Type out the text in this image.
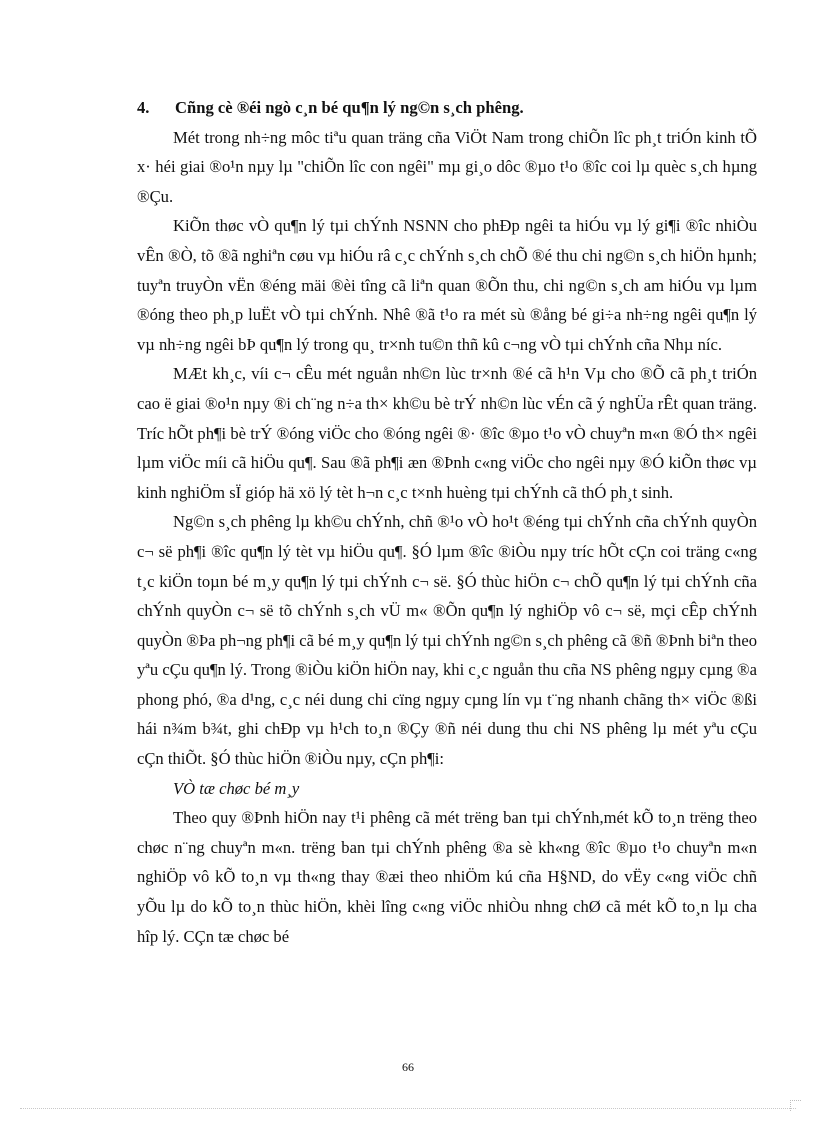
4. Cñng cè ®éi ngò c¸n bé qu¶n lý ng©n s¸ch phêng.

Mét trong nh÷ng môc tiªu quan träng cña ViÖt Nam trong chiÕn lîc ph¸t triÓn kinh tÕ x· héi giai ®o¹n nµy lµ "chiÕn lîc con ngêi" mµ gi¸o dôc ®µo t¹o ®îc coi lµ quèc s¸ch hµng ®Çu.

KiÕn thøc vÒ qu¶n lý tµi chÝnh NSNN cho phÐp ngêi ta hiÓu vµ lý gi¶i ®îc nhiÒu vÊn ®Ò, tõ ®ã nghiªn cøu vµ hiÓu râ c¸c chÝnh s¸ch chÕ ®é thu chi ng©n s¸ch hiÖn hµnh; tuyªn truyÒn vËn ®éng mäi ®èi tîng cã liªn quan ®Õn thu, chi ng©n s¸ch am hiÓu vµ lµm ®óng theo ph¸p luËt vÒ tµi chÝnh. Nhê ®ã t¹o ra mét sù ®ång bé gi÷a nh÷ng ngêi qu¶n lý vµ nh÷ng ngêi bÞ qu¶n lý trong qu¸ tr×nh tu©n thñ kû c¬ng vÒ tµi chÝnh cña Nhµ níc.

MÆt kh¸c, víi c¬ cÊu mét nguån nh©n lùc tr×nh ®é cã h¹n Vµ cho ®Õ cã ph¸t triÓn cao ë giai ®o¹n nµy ®i ch¨ng n÷a th× kh©u bè trÝ nh©n lùc vÉn cã ý nghÜa rÊt quan träng. Tríc hÕt ph¶i bè trÝ ®óng viÖc cho ®óng ngêi ®· ®îc ®µo t¹o vÒ chuyªn m«n ®Ó th× ngêi lµm viÖc míi cã hiÖu qu¶. Sau ®ã ph¶i æn ®Þnh c«ng viÖc cho ngêi nµy ®Ó kiÕn thøc vµ kinh nghiÖm sÏ gióp hä xö lý tèt h¬n c¸c t×nh huèng tµi chÝnh cã thÓ ph¸t sinh.

Ng©n s¸ch phêng lµ kh©u chÝnh, chñ ®¹o vÒ ho¹t ®éng tµi chÝnh cña chÝnh quyÒn c¬ së ph¶i ®îc qu¶n lý tèt vµ hiÖu qu¶. §Ó lµm ®îc ®iÒu nµy tríc hÕt cÇn coi träng c«ng t¸c kiÖn toµn bé m¸y qu¶n lý tµi chÝnh c¬ së. §Ó thùc hiÖn c¬ chÕ qu¶n lý tµi chÝnh cña chÝnh quyÒn c¬ së tõ chÝnh s¸ch vÜ m« ®Õn qu¶n lý nghiÖp vô c¬ së, mçi cÊp chÝnh quyÒn ®Þa ph¬ng ph¶i cã bé m¸y qu¶n lý tµi chÝnh ng©n s¸ch phêng cã ®ñ ®Þnh biªn theo yªu cÇu qu¶n lý. Trong ®iÒu kiÖn hiÖn nay, khi c¸c nguån thu cña NS phêng ngµy cµng ®a phong phó, ®a d¹ng, c¸c néi dung chi cïng ngµy cµng lín vµ t¨ng nhanh chãng th× viÖc ®ßi hái n¾m b¾t, ghi chÐp vµ h¹ch to¸n ®Çy ®ñ néi dung thu chi NS phêng lµ mét yªu cÇu cÇn thiÕt. §Ó thùc hiÖn ®iÒu nµy, cÇn ph¶i:

VÒ tæ chøc bé m¸y

Theo quy ®Þnh hiÖn nay t¹i phêng cã mét trëng ban tµi chÝnh,mét kÕ to¸n trëng theo chøc n¨ng chuyªn m«n. trëng ban tµi chÝnh phêng ®a sè kh«ng ®îc ®µo t¹o chuyªn m«n nghiÖp vô kÕ to¸n vµ th«ng thay ®æi theo nhiÖm kú cña H§ND, do vËy c«ng viÖc chñ yÕu lµ do kÕ to¸n thùc hiÖn, khèi lîng c«ng viÖc nhiÒu nhng chØ cã mét kÕ to¸n lµ cha hîp lý. CÇn tæ chøc bé

66
